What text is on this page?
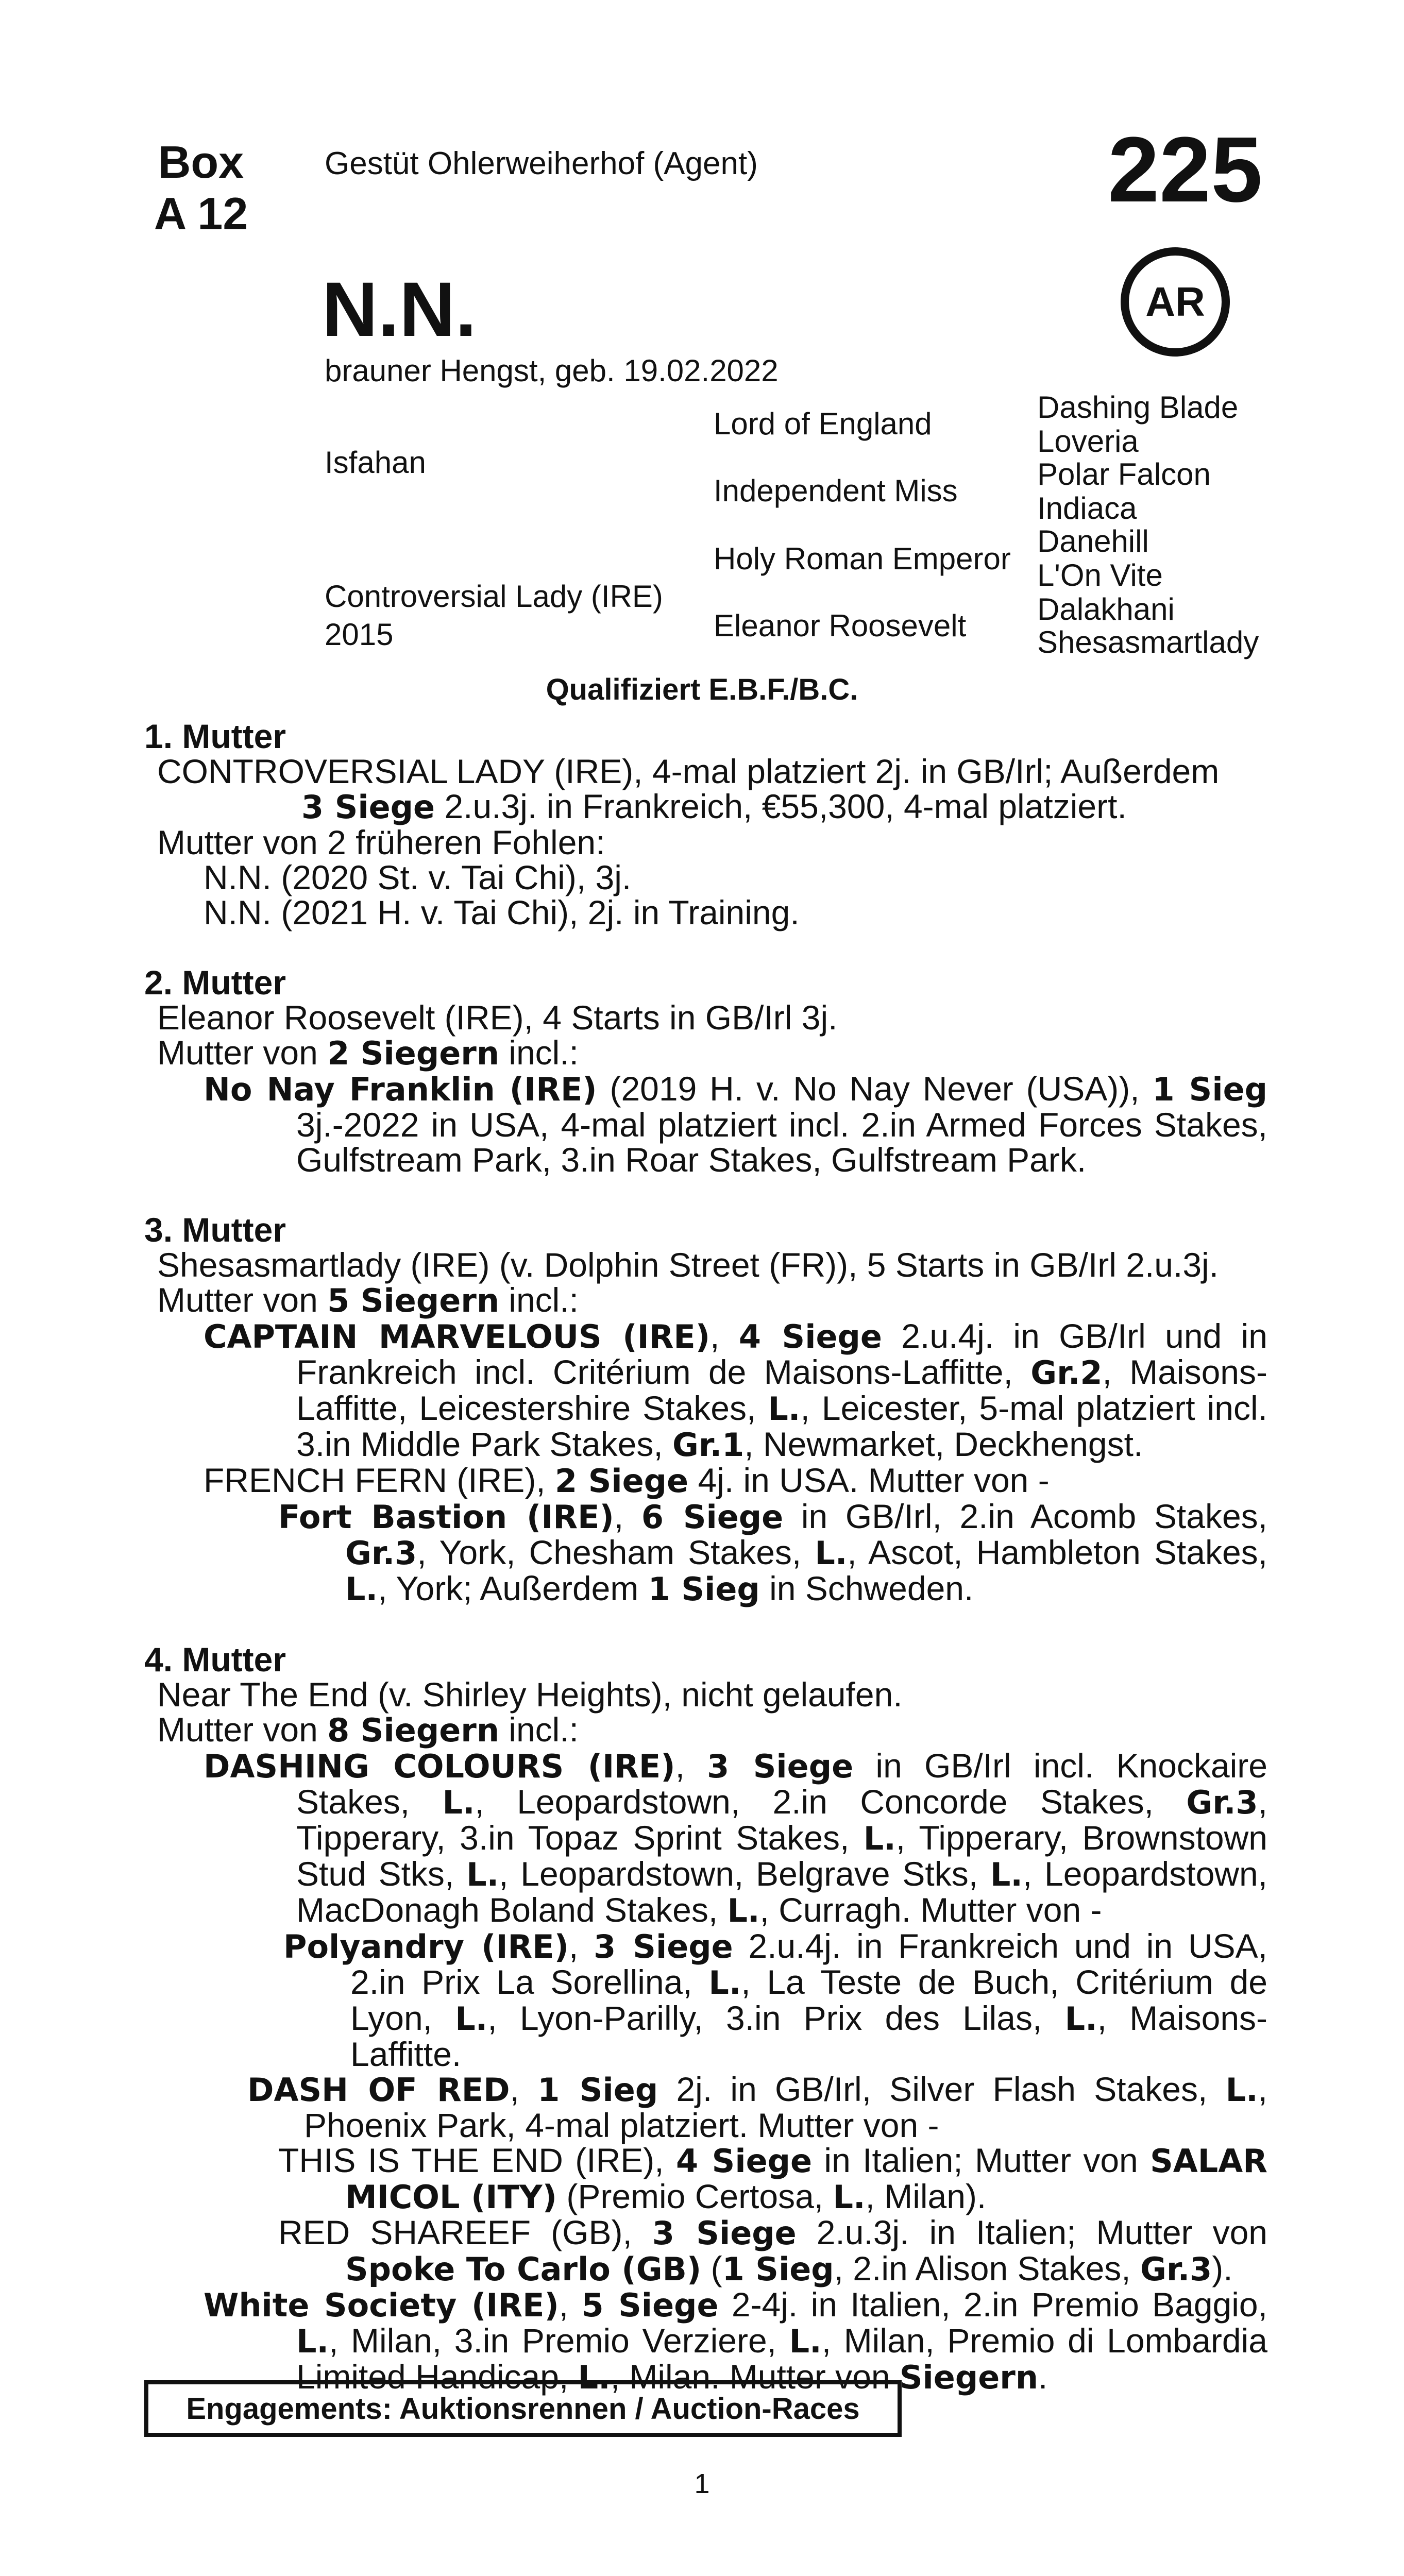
Box
A 12
Gestüt Ohlerweiherhof (Agent)	225
AR
N.N.
brauner Hengst, geb. 19.02.2022
Isfahan
Controversial Lady (IRE)
2015
Lord of England
Independent Miss
Holy Roman Emperor
Eleanor Roosevelt
Dashing Blade
Loveria
Polar Falcon
Indiaca
Danehill
L'On Vite
Dalakhani
Shesasmartlady
Qualifiziert E.B.F./B.C.
1. Mutter
CONTROVERSIAL LADY (IRE), 4-mal platziert 2j. in GB/Irl; Außerdem
3 Siege 2.u.3j. in Frankreich, €55,300, 4-mal platziert.
Mutter von 2 früheren Fohlen:
N.N. (2020 St. v. Tai Chi), 3j.
N.N. (2021 H. v. Tai Chi), 2j. in Training.
2. Mutter
Eleanor Roosevelt (IRE), 4 Starts in GB/Irl 3j.
Mutter von 2 Siegern incl.:
No Nay Franklin (IRE) (2019 H. v. No Nay Never (USA)), 1 Sieg 3j.-2022 in USA, 4-mal platziert incl. 2.in Armed Forces Stakes, Gulfstream Park, 3.in Roar Stakes, Gulfstream Park.
3. Mutter
Shesasmartlady (IRE) (v. Dolphin Street (FR)), 5 Starts in GB/Irl 2.u.3j.
Mutter von 5 Siegern incl.:
CAPTAIN MARVELOUS (IRE), 4 Siege 2.u.4j. in GB/Irl und in Frankreich incl. Critérium de Maisons-Laffitte, Gr.2, Maisons-Laffitte, Leicestershire Stakes, L., Leicester, 5-mal platziert incl. 3.in Middle Park Stakes, Gr.1, Newmarket, Deckhengst.
FRENCH FERN (IRE), 2 Siege 4j. in USA. Mutter von -
Fort Bastion (IRE), 6 Siege in GB/Irl, 2.in Acomb Stakes, Gr.3, York, Chesham Stakes, L., Ascot, Hambleton Stakes, L., York; Außerdem 1 Sieg in Schweden.
4. Mutter
Near The End (v. Shirley Heights), nicht gelaufen.
Mutter von 8 Siegern incl.:
DASHING COLOURS (IRE), 3 Siege in GB/Irl incl. Knockaire Stakes, L., Leopardstown, 2.in Concorde Stakes, Gr.3, Tipperary, 3.in Topaz Sprint Stakes, L., Tipperary, Brownstown Stud Stks, L., Leopardstown, Belgrave Stks, L., Leopardstown, MacDonagh Boland Stakes, L., Curragh. Mutter von -
Polyandry (IRE), 3 Siege 2.u.4j. in Frankreich und in USA, 2.in Prix La Sorellina, L., La Teste de Buch, Critérium de Lyon, L., Lyon-Parilly, 3.in Prix des Lilas, L., Maisons-Laffitte.
DASH OF RED, 1 Sieg 2j. in GB/Irl, Silver Flash Stakes, L., Phoenix Park, 4-mal platziert. Mutter von -
THIS IS THE END (IRE), 4 Siege in Italien; Mutter von SALAR MICOL (ITY) (Premio Certosa, L., Milan).
RED SHAREEF (GB), 3 Siege 2.u.3j. in Italien; Mutter von Spoke To Carlo (GB) (1 Sieg, 2.in Alison Stakes, Gr.3).
White Society (IRE), 5 Siege 2-4j. in Italien, 2.in Premio Baggio, L., Milan, 3.in Premio Verziere, L., Milan, Premio di Lombardia Limited Handicap, L., Milan. Mutter von Siegern.
Engagements: Auktionsrennen / Auction-Races
1
